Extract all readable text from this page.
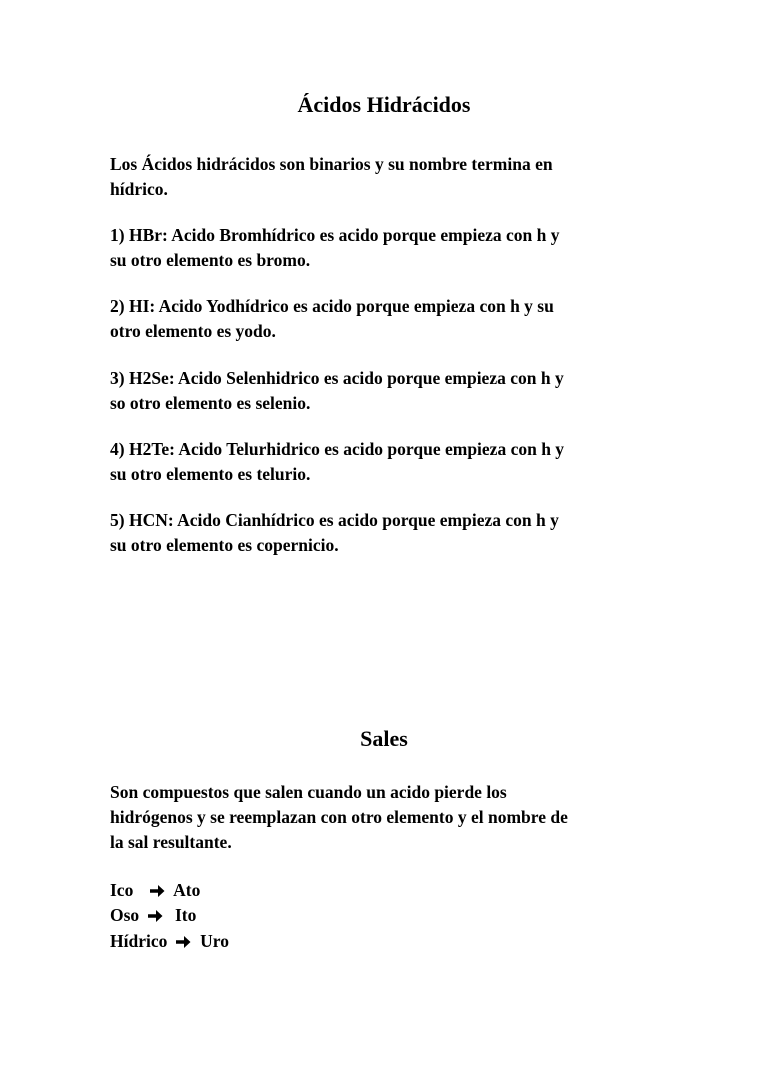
Ácidos Hidrácidos

Los Ácidos hidrácidos son binarios y su nombre termina en
hídrico.

1) HBr: Acido Bromhídrico es acido porque empieza con h y
su otro elemento es bromo.

2) HI: Acido Yodhídrico es acido porque empieza con h y su
otro elemento es yodo.

3) H2Se: Acido Selenhidrico es acido porque empieza con h y
so otro elemento es selenio.

4) H2Te: Acido Telurhidrico es acido porque empieza con h y
su otro elemento es telurio.

5) HCN: Acido Cianhídrico es acido porque empieza con h y
su otro elemento es copernicio.

Sales

Son compuestos que salen cuando un acido pierde los
hidrógenos y se reemplazan con otro elemento y el nombre de
la sal resultante.

Ico Ato
Oso Ito
Hídrico Uro
